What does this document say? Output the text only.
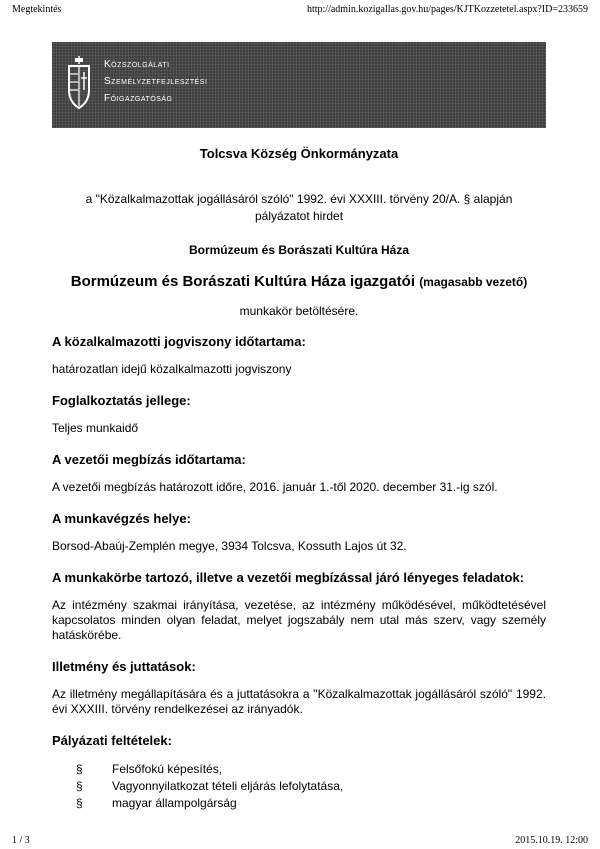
Megtekintés	http://admin.kozigallas.gov.hu/pages/KJTKozzetetel.aspx?ID=233659
Közszolgálati
Személyzetfejlesztési
Főigazgatóság

Tolcsva Község Önkormányzata

a "Közalkalmazottak jogállásáról szóló" 1992. évi XXXIII. törvény 20/A. § alapján
pályázatot hirdet
Bormúzeum és Borászati Kultúra Háza
Bormúzeum és Borászati Kultúra Háza igazgatói (magasabb vezető)
munkakör betöltésére.
A közalkalmazotti jogviszony időtartama:
határozatlan idejű közalkalmazotti jogviszony
Foglalkoztatás jellege:
Teljes munkaidő
A vezetői megbízás időtartama:
A vezetői megbízás határozott időre, 2016. január 1.-től 2020. december 31.-ig szól.
A munkavégzés helye:
Borsod-Abaúj-Zemplén megye, 3934 Tolcsva, Kossuth Lajos út 32.
A munkakörbe tartozó, illetve a vezetői megbízással járó lényeges feladatok:
Az intézmény szakmai irányítása, vezetése, az intézmény működésével, működtetésével kapcsolatos minden olyan feladat, melyet jogszabály nem utal más szerv, vagy személy hatáskörébe.
Illetmény és juttatások:
Az illetmény megállapítására és a juttatásokra a "Közalkalmazottak jogállásáról szóló" 1992. évi XXXIII. törvény rendelkezései az irányadók.
Pályázati feltételek:
§ Felsőfokú képesítés,
§ Vagyonnyilatkozat tételi eljárás lefolytatása,
§ magyar állampolgárság
1 / 3	2015.10.19. 12:00
